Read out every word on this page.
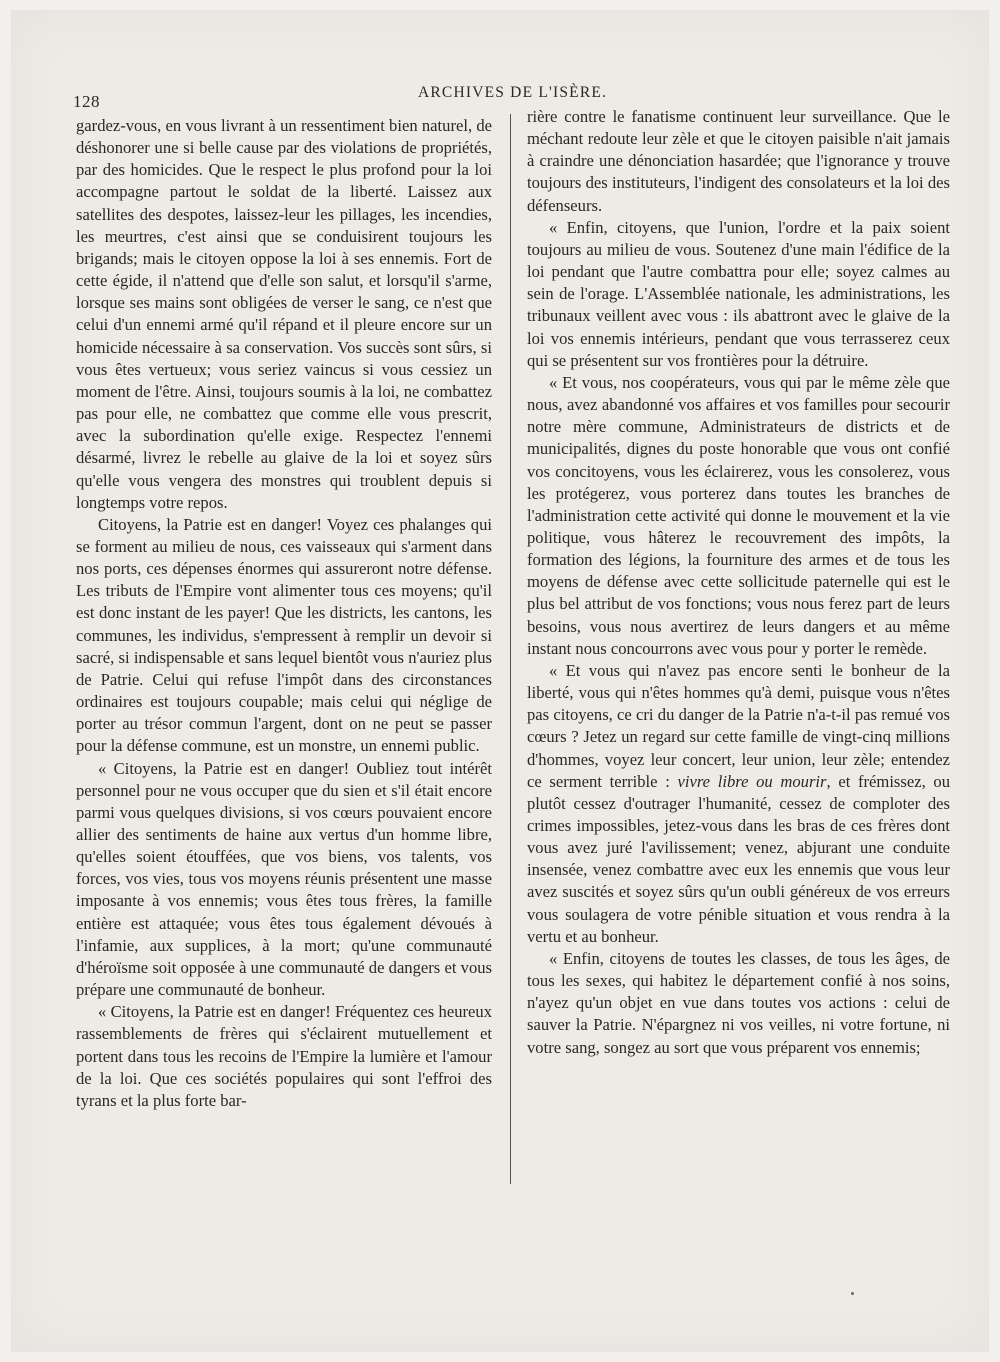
128	ARCHIVES DE L'ISÈRE.

gardez-vous, en vous livrant à un ressentiment bien naturel, de déshonorer une si belle cause par des violations de propriétés, par des homicides. Que le respect le plus profond pour la loi accompagne partout le soldat de la liberté. Laissez aux satellites des despotes, laissez-leur les pillages, les incendies, les meurtres, c'est ainsi que se conduisirent toujours les brigands; mais le citoyen oppose la loi à ses ennemis. Fort de cette égide, il n'attend que d'elle son salut, et lorsqu'il s'arme, lorsque ses mains sont obligées de verser le sang, ce n'est que celui d'un ennemi armé qu'il répand et il pleure encore sur un homicide nécessaire à sa conservation. Vos succès sont sûrs, si vous êtes vertueux; vous seriez vaincus si vous cessiez un moment de l'être. Ainsi, toujours soumis à la loi, ne combattez pas pour elle, ne combattez que comme elle vous prescrit, avec la subordination qu'elle exige. Respectez l'ennemi désarmé, livrez le rebelle au glaive de la loi et soyez sûrs qu'elle vous vengera des monstres qui troublent depuis si longtemps votre repos.

Citoyens, la Patrie est en danger! Voyez ces phalanges qui se forment au milieu de nous, ces vaisseaux qui s'arment dans nos ports, ces dépenses énormes qui assureront notre défense. Les tributs de l'Empire vont alimenter tous ces moyens; qu'il est donc instant de les payer! Que les districts, les cantons, les communes, les individus, s'empressent à remplir un devoir si sacré, si indispensable et sans lequel bientôt vous n'auriez plus de Patrie. Celui qui refuse l'impôt dans des circonstances ordinaires est toujours coupable; mais celui qui néglige de porter au trésor commun l'argent, dont on ne peut se passer pour la défense commune, est un monstre, un ennemi public.

« Citoyens, la Patrie est en danger! Oubliez tout intérêt personnel pour ne vous occuper que du sien et s'il était encore parmi vous quelques divisions, si vos cœurs pouvaient encore allier des sentiments de haine aux vertus d'un homme libre, qu'elles soient étouffées, que vos biens, vos talents, vos forces, vos vies, tous vos moyens réunis présentent une masse imposante à vos ennemis; vous êtes tous frères, la famille entière est attaquée; vous êtes tous également dévoués à l'infamie, aux supplices, à la mort; qu'une communauté d'héroïsme soit opposée à une communauté de dangers et vous prépare une communauté de bonheur.

« Citoyens, la Patrie est en danger! Fréquentez ces heureux rassemblements de frères qui s'éclairent mutuellement et portent dans tous les recoins de l'Empire la lumière et l'amour de la loi. Que ces sociétés populaires qui sont l'effroi des tyrans et la plus forte bar-

rière contre le fanatisme continuent leur surveillance. Que le méchant redoute leur zèle et que le citoyen paisible n'ait jamais à craindre une dénonciation hasardée; que l'ignorance y trouve toujours des instituteurs, l'indigent des consolateurs et la loi des défenseurs.

« Enfin, citoyens, que l'union, l'ordre et la paix soient toujours au milieu de vous. Soutenez d'une main l'édifice de la loi pendant que l'autre combattra pour elle; soyez calmes au sein de l'orage. L'Assemblée nationale, les administrations, les tribunaux veillent avec vous : ils abattront avec le glaive de la loi vos ennemis intérieurs, pendant que vous terrasserez ceux qui se présentent sur vos frontières pour la détruire.

« Et vous, nos coopérateurs, vous qui par le même zèle que nous, avez abandonné vos affaires et vos familles pour secourir notre mère commune, Administrateurs de districts et de municipalités, dignes du poste honorable que vous ont confié vos concitoyens, vous les éclairerez, vous les consolerez, vous les protégerez, vous porterez dans toutes les branches de l'administration cette activité qui donne le mouvement et la vie politique, vous hâterez le recouvrement des impôts, la formation des légions, la fourniture des armes et de tous les moyens de défense avec cette sollicitude paternelle qui est le plus bel attribut de vos fonctions; vous nous ferez part de leurs besoins, vous nous avertirez de leurs dangers et au même instant nous concourrons avec vous pour y porter le remède.

« Et vous qui n'avez pas encore senti le bonheur de la liberté, vous qui n'êtes hommes qu'à demi, puisque vous n'êtes pas citoyens, ce cri du danger de la Patrie n'a-t-il pas remué vos cœurs ? Jetez un regard sur cette famille de vingt-cinq millions d'hommes, voyez leur concert, leur union, leur zèle; entendez ce serment terrible : vivre libre ou mourir, et frémissez, ou plutôt cessez d'outrager l'humanité, cessez de comploter des crimes impossibles, jetez-vous dans les bras de ces frères dont vous avez juré l'avilissement; venez, abjurant une conduite insensée, venez combattre avec eux les ennemis que vous leur avez suscités et soyez sûrs qu'un oubli généreux de vos erreurs vous soulagera de votre pénible situation et vous rendra à la vertu et au bonheur.

« Enfin, citoyens de toutes les classes, de tous les âges, de tous les sexes, qui habitez le département confié à nos soins, n'ayez qu'un objet en vue dans toutes vos actions : celui de sauver la Patrie. N'épargnez ni vos veilles, ni votre fortune, ni votre sang, songez au sort que vous préparent vos ennemis;
